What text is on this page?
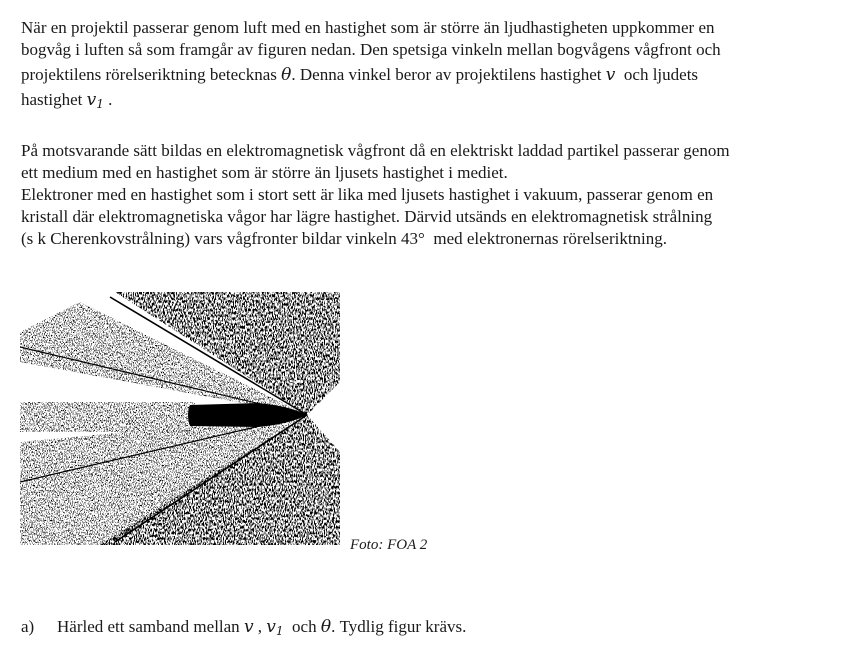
När en projektil passerar genom luft med en hastighet som är större än ljudhastigheten uppkommer en
bogvåg i luften så som framgår av figuren nedan. Den spetsiga vinkeln mellan bogvågens vågfront och
projektilens rörelseriktning betecknas θ. Denna vinkel beror av projektilens hastighet v och ljudets
hastighet $v_1$ .

På motsvarande sätt bildas en elektromagnetisk vågfront då en elektriskt laddad partikel passerar genom
ett medium med en hastighet som är större än ljusets hastighet i mediet.
Elektroner med en hastighet som i stort sett är lika med ljusets hastighet i vakuum, passerar genom en
kristall där elektromagnetiska vågor har lägre hastighet. Därvid utsänds en elektromagnetisk strålning
(s k Cherenkovstrålning) vars vågfronter bildar vinkeln 43° med elektronernas rörelseriktning.

Foto: FOA 2
a) Härled ett samband mellan v , $v_1$ och θ. Tydlig figur krävs.
